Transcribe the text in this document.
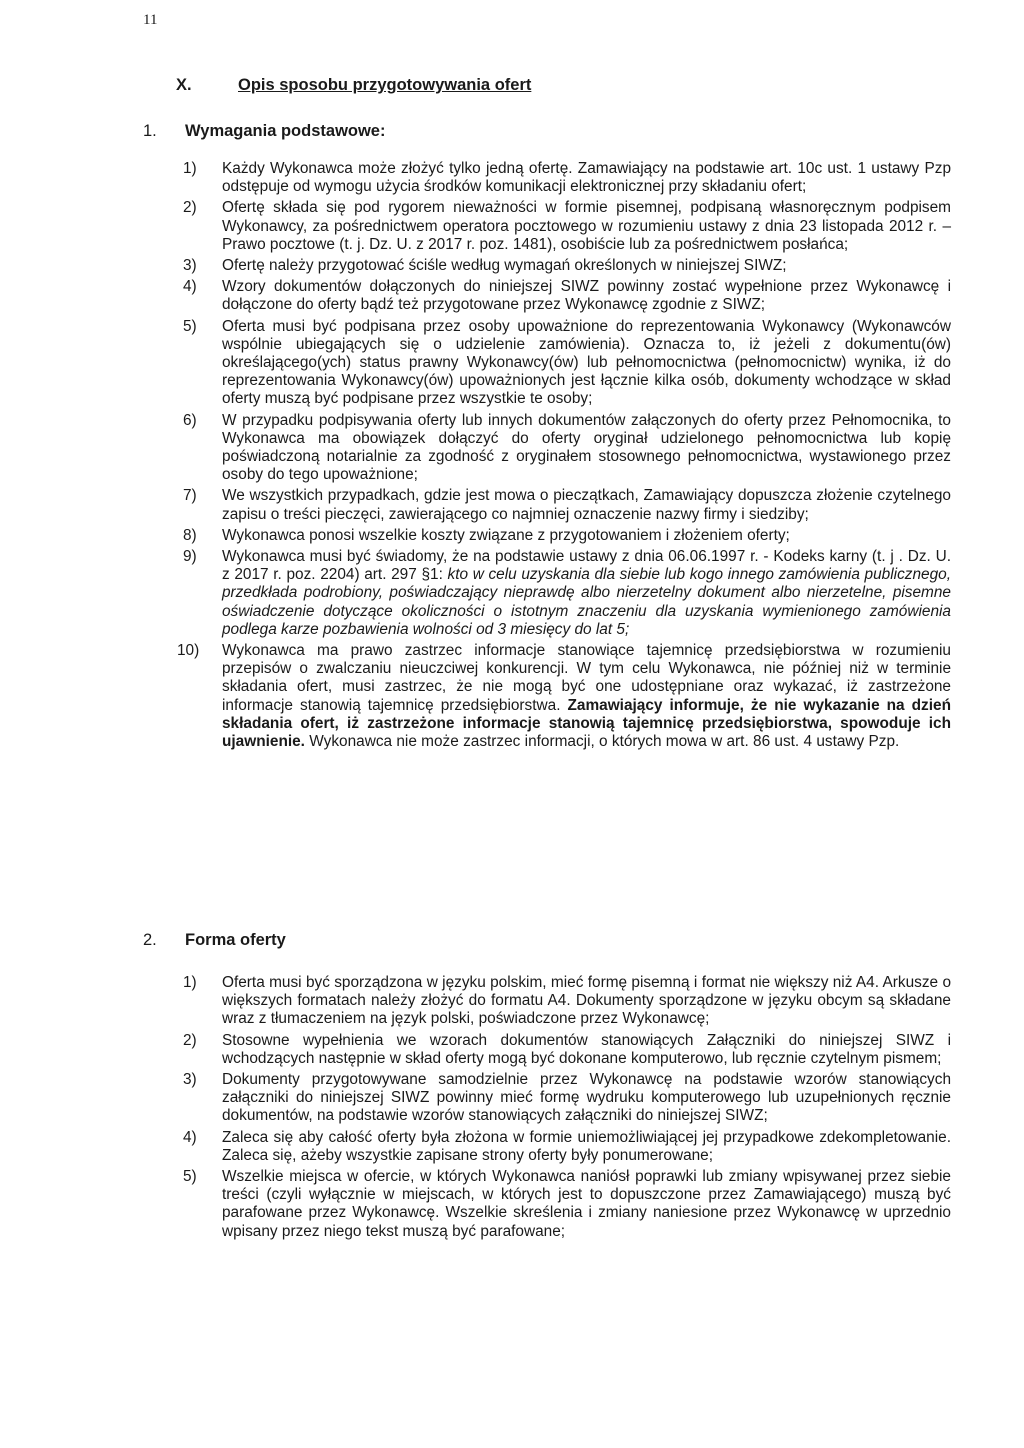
11
X.	Opis sposobu przygotowywania ofert
1. Wymagania podstawowe:
1)	Każdy Wykonawca może złożyć tylko jedną ofertę. Zamawiający na podstawie art. 10c ust. 1 ustawy Pzp odstępuje od wymogu użycia środków komunikacji elektronicznej przy składaniu ofert;
2)	Ofertę składa się pod rygorem nieważności w formie pisemnej, podpisaną własnoręcznym podpisem Wykonawcy, za pośrednictwem operatora pocztowego w rozumieniu ustawy z dnia 23 listopada 2012 r. – Prawo pocztowe (t. j. Dz. U. z 2017 r. poz. 1481), osobiście lub za pośrednictwem posłańca;
3)	Ofertę należy przygotować ściśle według wymagań określonych w niniejszej SIWZ;
4)	Wzory dokumentów dołączonych do niniejszej SIWZ powinny zostać wypełnione przez Wykonawcę i dołączone do oferty bądź też przygotowane przez Wykonawcę zgodnie z SIWZ;
5)	Oferta musi być podpisana przez osoby upoważnione do reprezentowania Wykonawcy (Wykonawców wspólnie ubiegających się o udzielenie zamówienia). Oznacza to, iż jeżeli z dokumentu(ów) określającego(ych) status prawny Wykonawcy(ów) lub pełnomocnictwa (pełnomocnictw) wynika, iż do reprezentowania Wykonawcy(ów) upoważnionych jest łącznie kilka osób, dokumenty wchodzące w skład oferty muszą być podpisane przez wszystkie te osoby;
6)	W przypadku podpisywania oferty lub innych dokumentów załączonych do oferty przez Pełnomocnika, to Wykonawca ma obowiązek dołączyć do oferty oryginał udzielonego pełnomocnictwa lub kopię poświadczoną notarialnie za zgodność z oryginałem stosownego pełnomocnictwa, wystawionego przez osoby do tego upoważnione;
7)	We wszystkich przypadkach, gdzie jest mowa o pieczątkach, Zamawiający dopuszcza złożenie czytelnego zapisu o treści pieczęci, zawierającego co najmniej oznaczenie nazwy firmy i siedziby;
8)	Wykonawca ponosi wszelkie koszty związane z przygotowaniem i złożeniem oferty;
9)	Wykonawca musi być świadomy, że na podstawie ustawy z dnia 06.06.1997 r. - Kodeks karny (t. j . Dz. U. z 2017 r. poz. 2204) art. 297 §1: kto w celu uzyskania dla siebie lub kogo innego zamówienia publicznego, przedkłada podrobiony, poświadczający nieprawdę albo nierzetelny dokument albo nierzetelne, pisemne oświadczenie dotyczące okoliczności o istotnym znaczeniu dla uzyskania wymienionego zamówienia podlega karze pozbawienia wolności od 3 miesięcy do lat 5;
10)	Wykonawca ma prawo zastrzec informacje stanowiące tajemnicę przedsiębiorstwa w rozumieniu przepisów o zwalczaniu nieuczciwej konkurencji. W tym celu Wykonawca, nie później niż w terminie składania ofert, musi zastrzec, że nie mogą być one udostępniane oraz wykazać, iż zastrzeżone informacje stanowią tajemnicę przedsiębiorstwa. Zamawiający informuje, że nie wykazanie na dzień składania ofert, iż zastrzeżone informacje stanowią tajemnicę przedsiębiorstwa, spowoduje ich ujawnienie. Wykonawca nie może zastrzec informacji, o których mowa w art. 86 ust. 4 ustawy Pzp.
2. Forma oferty
1)	Oferta musi być sporządzona w języku polskim, mieć formę pisemną i format nie większy niż A4. Arkusze o większych formatach należy złożyć do formatu A4. Dokumenty sporządzone w języku obcym są składane wraz z tłumaczeniem na język polski, poświadczone przez Wykonawcę;
2)	Stosowne wypełnienia we wzorach dokumentów stanowiących Załączniki do niniejszej SIWZ i wchodzących następnie w skład oferty mogą być dokonane komputerowo, lub ręcznie czytelnym pismem;
3)	Dokumenty przygotowywane samodzielnie przez Wykonawcę na podstawie wzorów stanowiących załączniki do niniejszej SIWZ powinny mieć formę wydruku komputerowego lub uzupełnionych ręcznie dokumentów, na podstawie wzorów stanowiących załączniki do niniejszej SIWZ;
4)	Zaleca się aby całość oferty była złożona w formie uniemożliwiającej jej przypadkowe zdekompletowanie. Zaleca się, ażeby wszystkie zapisane strony oferty były ponumerowane;
5)	Wszelkie miejsca w ofercie, w których Wykonawca naniósł poprawki lub zmiany wpisywanej przez siebie treści (czyli wyłącznie w miejscach, w których jest to dopuszczone przez Zamawiającego) muszą być parafowane przez Wykonawcę. Wszelkie skreślenia i zmiany naniesione przez Wykonawcę w uprzednio wpisany przez niego tekst muszą być parafowane;
